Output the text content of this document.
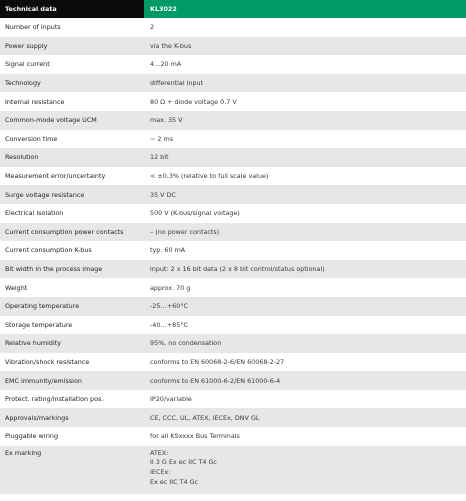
Technical data	KL3022
Number of inputs	2
Power supply	via the K-bus
Signal current	4…20 mA
Technology	differential input
Internal resistance	80 Ω + diode voltage 0.7 V
Common-mode voltage UCM	max. 35 V
Conversion time	~ 2 ms
Resolution	12 bit
Measurement error/uncertainty	< ±0.3% (relative to full scale value)
Surge voltage resistance	35 V DC
Electrical isolation	500 V (K-bus/signal voltage)
Current consumption power contacts	– (no power contacts)
Current consumption K-bus	typ. 60 mA
Bit width in the process image	input: 2 x 16 bit data (2 x 8 bit control/status optional)
Weight	approx. 70 g
Operating temperature	-25…+60°C
Storage temperature	-40…+85°C
Relative humidity	95%, no condensation
Vibration/shock resistance	conforms to EN 60068-2-6/EN 60068-2-27
EMC immunity/emission	conforms to EN 61000-6-2/EN 61000-6-4
Protect. rating/installation pos.	IP20/variable
Approvals/markings	CE, CCC, UL, ATEX, IECEx, DNV GL
Pluggable wiring	for all KSxxxx Bus Terminals
Ex marking	ATEX:
II 3 G Ex ec IIC T4 Gc
IECEx:
Ex ec IIC T4 Gc
